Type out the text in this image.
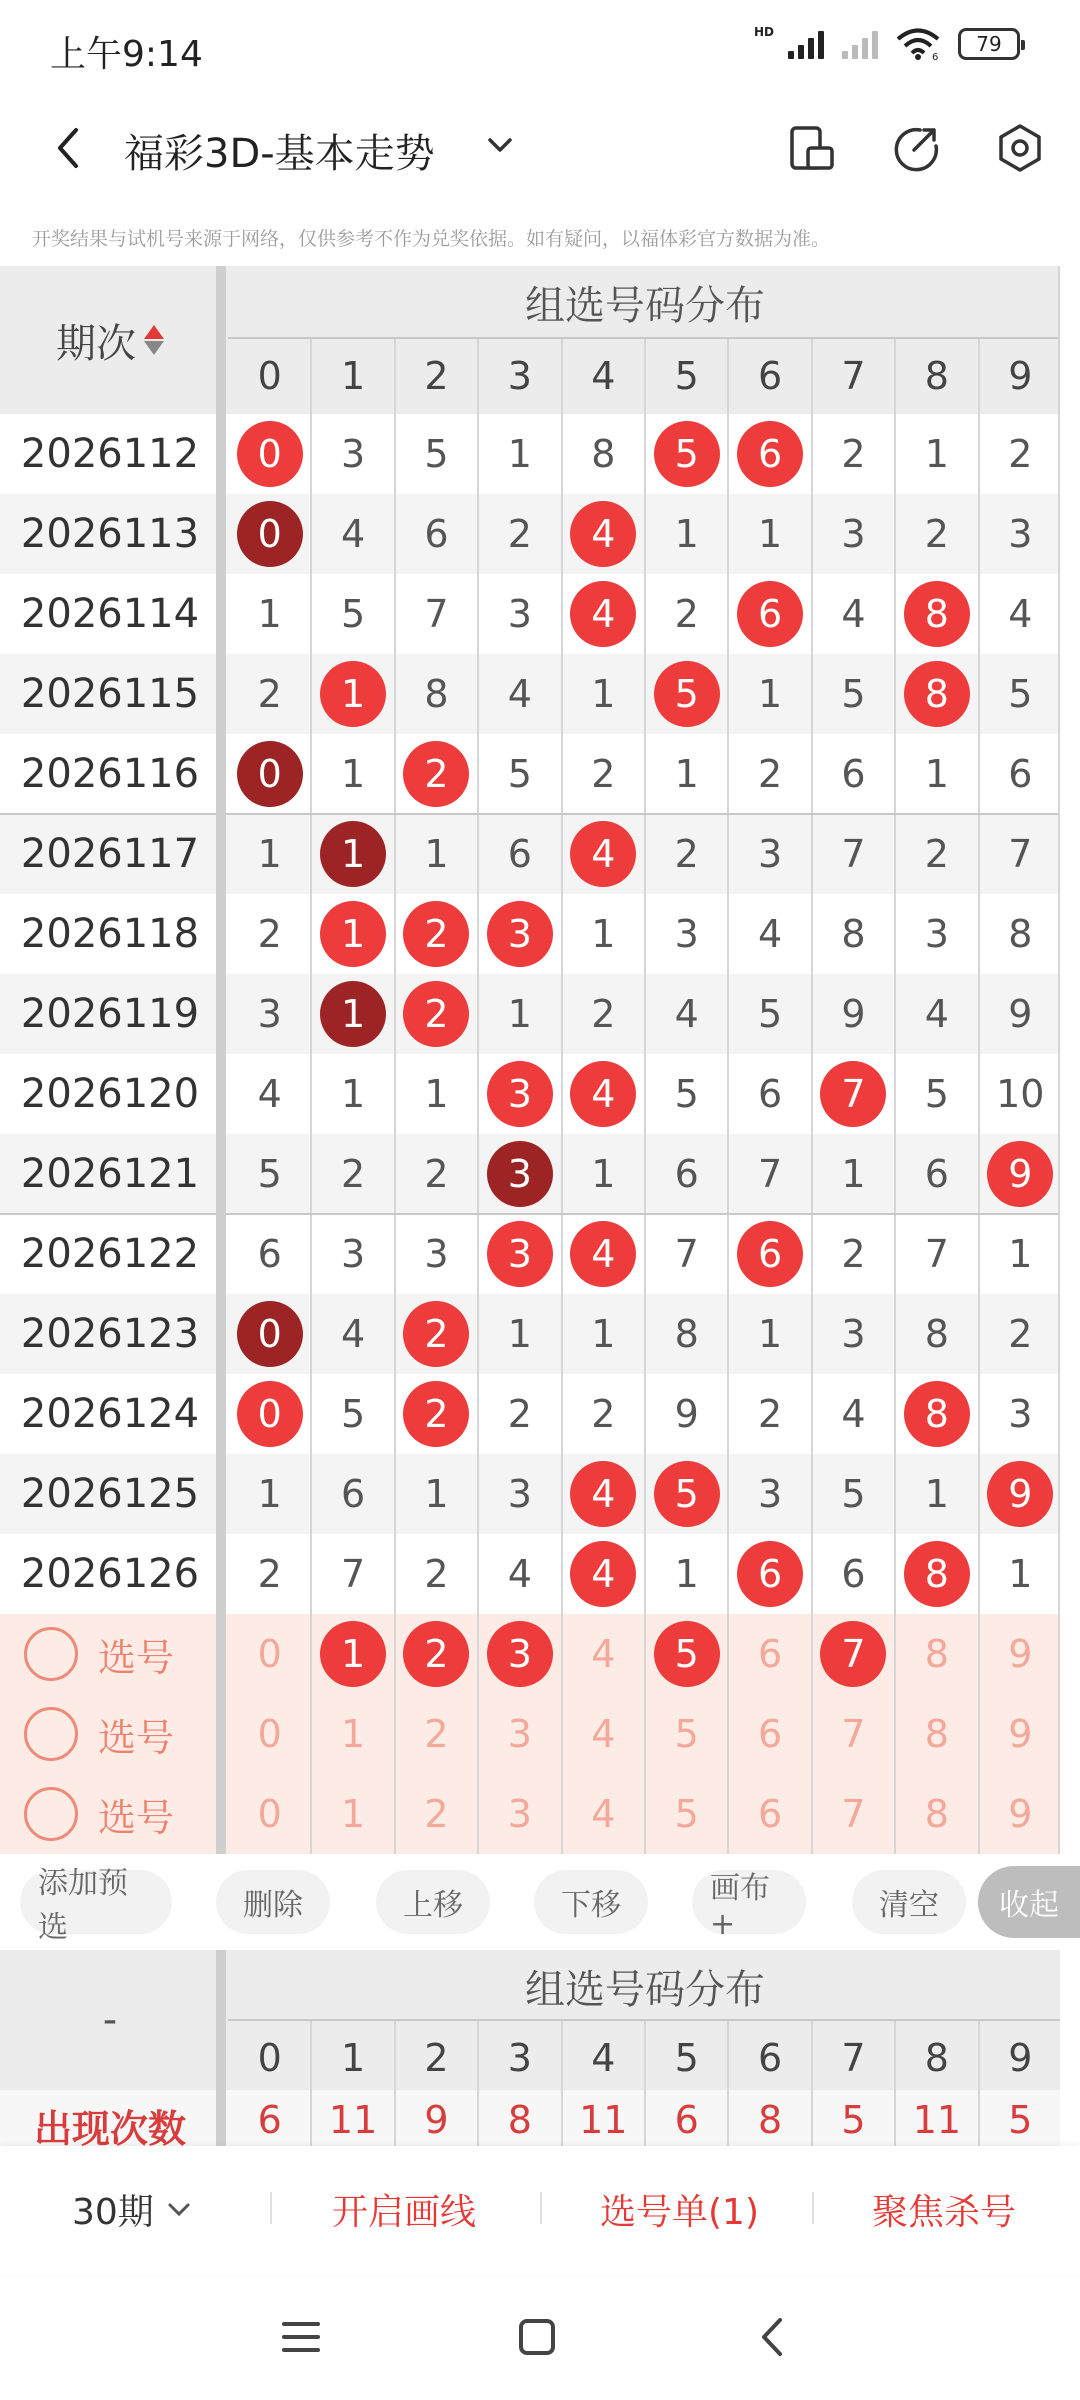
上午9:14
HD
6
79
福彩3D-基本走势
开奖结果与试机号来源于网络，仅供参考不作为兑奖依据。如有疑问，以福体彩官方数据为准。
期次
组选号码分布
0	1	2	3	4	5	6	7	8	9
2026112	0	3	5	1	8	5	6	2	1	2
2026113	0	4	6	2	4	1	1	3	2	3
2026114	1	5	7	3	4	2	6	4	8	4
2026115	2	1	8	4	1	5	1	5	8	5
2026116	0	1	2	5	2	1	2	6	1	6
2026117	1	1	1	6	4	2	3	7	2	7
2026118	2	1	2	3	1	3	4	8	3	8
2026119	3	1	2	1	2	4	5	9	4	9
2026120	4	1	1	3	4	5	6	7	5	10
2026121	5	2	2	3	1	6	7	1	6	9
2026122	6	3	3	3	4	7	6	2	7	1
2026123	0	4	2	1	1	8	1	3	8	2
2026124	0	5	2	2	2	9	2	4	8	3
2026125	1	6	1	3	4	5	3	5	1	9
2026126	2	7	2	4	4	1	6	6	8	1
选号	0	1	2	3	4	5	6	7	8	9
选号	0	1	2	3	4	5	6	7	8	9
选号	0	1	2	3	4	5	6	7	8	9
添加预选
删除	上移	下移	画布+
清空	收起
-
组选号码分布
0	1	2	3	4	5	6	7	8	9
出现次数	6	11	9	8	11	6	8	5	11	5
30期	开启画线	选号单(1)	聚焦杀号
